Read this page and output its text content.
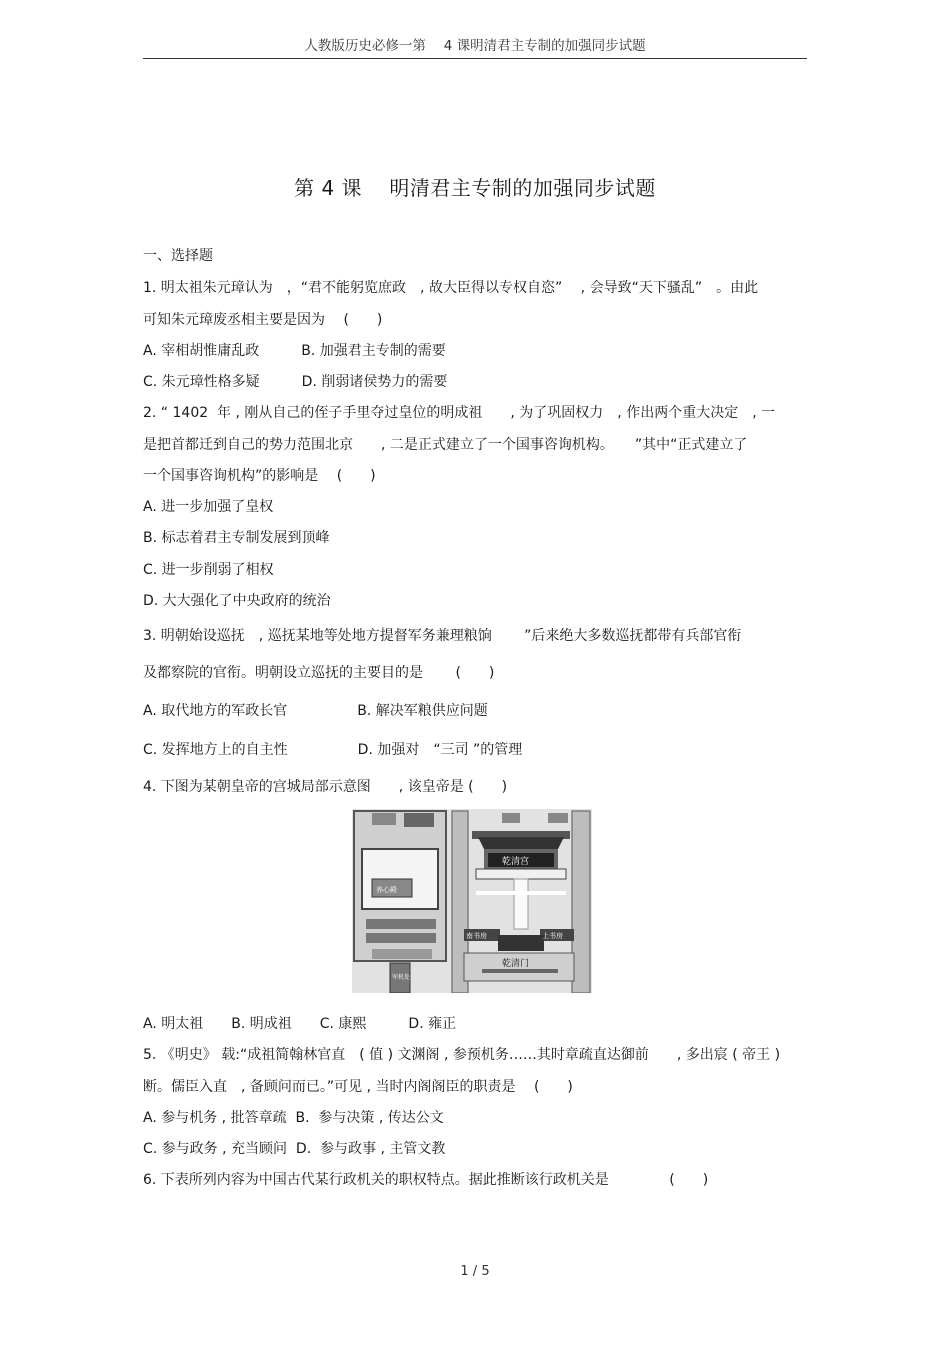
人教版历史必修一第　 4 课明清君主专制的加强同步试题
第 4 课　 明清君主专制的加强同步试题
一、选择题
1. 明太祖朱元璋认为　，“君不能躬览庶政　, 故大臣得以专权自恣”　 , 会导致“天下骚乱”　。由此
可知朱元璋废丞相主要是因为　 (　　)
A. 宰相胡惟庸乱政　　　B. 加强君主专制的需要
C. 朱元璋性格多疑　　　D. 削弱诸侯势力的需要
2. “ 1402  年 , 刚从自己的侄子手里夺过皇位的明成祖　　, 为了巩固权力　, 作出两个重大决定　, 一
是把首都迁到自己的势力范围北京　　, 二是正式建立了一个国事咨询机构。　　”其中“正式建立了
一个国事咨询机构”的影响是　 (　　)
A. 进一步加强了皇权
B. 标志着君主专制发展到顶峰
C. 进一步削弱了相权
D. 大大强化了中央政府的统治
3. 明朝始设巡抚　, 巡抚某地等处地方提督军务兼理粮饷　　 ”后来绝大多数巡抚都带有兵部官衔
及都察院的官衔。明朝设立巡抚的主要目的是　　 (　　)
A. 取代地方的军政长官　　　　　B. 解决军粮供应问题
C. 发挥地方上的自主性　　　　　D. 加强对　“三司 ”的管理
4. 下图为某朝皇帝的宫城局部示意图　　, 该皇帝是 (　　)
乾清宫
养心殿
南书房	上书房
乾清门
军机处
A. 明太祖　　B. 明成祖　　C. 康熙　　　D. 雍正
5. 《明史》 载:“成祖简翰林官直　( 值 ) 文渊阁 , 参预机务……其时章疏直达御前　　, 多出宸 ( 帝王 )
断。儒臣入直　, 备顾问而已。”可见 , 当时内阁阁臣的职责是　 (　　)
A. 参与机务 , 批答章疏  B.  参与决策 , 传达公文
C. 参与政务 , 充当顾问  D.  参与政事 , 主管文教
6. 下表所列内容为中国古代某行政机关的职权特点。据此推断该行政机关是　　　　 (　　)
1 / 5
